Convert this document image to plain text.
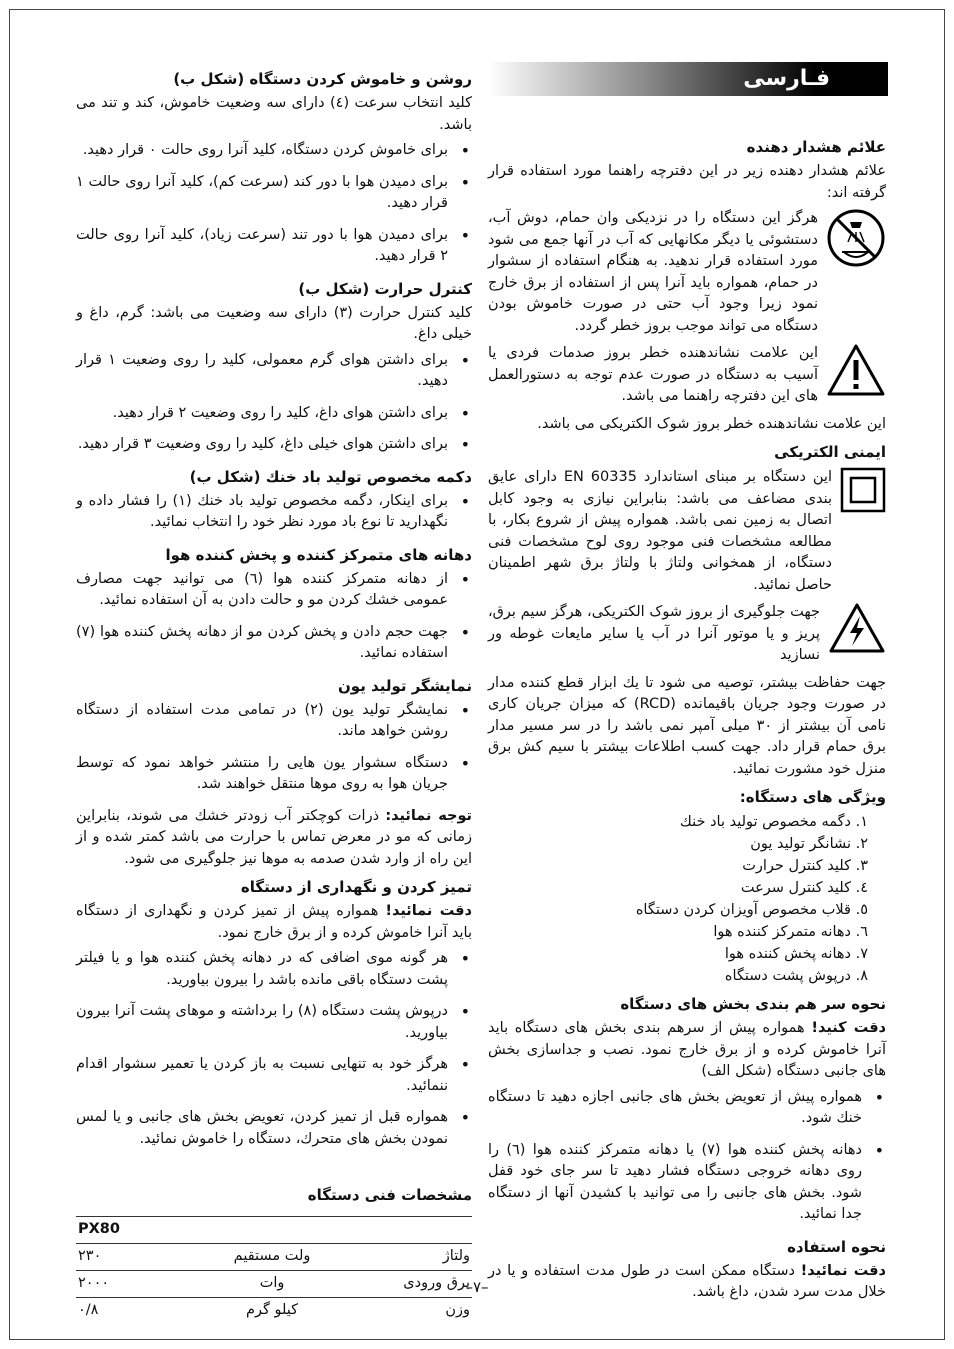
فـارسی
علائم هشدار دهنده

علائم هشدار دهنده زیر در این دفترچه راهنما مورد استفاده قرار گرفته اند:

هرگز این دستگاه را در نزدیکی وان حمام، دوش آب، دستشوئی یا دیگر مکانهایی که آب در آنها جمع می شود مورد استفاده قرار ندهید. به هنگام استفاده از سشوار در حمام، همواره باید آنرا پس از استفاده از برق خارج نمود زیرا وجود آب حتی در صورت خاموش بودن دستگاه می تواند موجب بروز خطر گردد.
این علامت نشاندهنده خطر بروز صدمات فردی یا آسیب به دستگاه در صورت عدم توجه به دستورالعمل های این دفترچه راهنما می باشد.

این علامت نشاندهنده خطر بروز شوک الکتریکی می باشد.

ایمنی الکتریکی
این دستگاه بر مبنای استاندارد EN 60335 دارای عایق بندی مضاعف می باشد: بنابراین نیازی به وجود کابل اتصال به زمین نمی باشد. همواره پیش از شروع بکار، با مطالعه مشخصات فنی موجود روی لوح مشخصات فنی دستگاه، از همخوانی ولتاژ با ولتاژ برق شهر اطمینان حاصل نمائید.
جهت جلوگیری از بروز شوک الکتریکی، هرگز سیم برق، پریز و یا موتور آنرا در آب یا سایر مایعات غوطه ور نسازید

جهت حفاظت بیشتر، توصیه می شود تا یك ابزار قطع کننده مدار در صورت وجود جریان باقیمانده (RCD) که میزان جریان کاری نامی آن بیشتر از ۳۰ میلی آمپر نمی باشد را در سر مسیر مدار برق حمام قرار داد. جهت کسب اطلاعات بیشتر با سیم کش برق منزل خود مشورت نمائید.

ویژگی های دستگاه:
۱. دگمه مخصوص تولید باد خنك
۲. نشانگر تولید یون
۳. کلید کنترل حرارت
٤. کلید کنترل سرعت
٥. قلاب مخصوص آویزان کردن دستگاه
٦. دهانه متمرکز کننده هوا
٧. دهانه پخش کننده هوا
٨. درپوش پشت دستگاه
نحوه سر هم بندی بخش های دستگاه

دقت کنید! همواره پیش از سرهم بندی بخش های دستگاه باید آنرا خاموش کرده و از برق خارج نمود. نصب و جداسازی بخش های جانبی دستگاه (شکل الف)

• همواره پیش از تعویض بخش های جانبی اجازه دهید تا دستگاه خنك شود.
• دهانه پخش کننده هوا (٧) یا دهانه متمرکز کننده هوا (٦) را روی دهانه خروجی دستگاه فشار دهید تا سر جای خود قفل شود. بخش های جانبی را می توانید با کشیدن آنها از دستگاه جدا نمائید.
نحوه استفاده

دقت نمائید! دستگاه ممکن است در طول مدت استفاده و یا در خلال مدت سرد شدن، داغ باشد.

روشن و خاموش کردن دستگاه (شکل ب)

کلید انتخاب سرعت (٤) دارای سه وضعیت خاموش، کند و تند می باشد.

• برای خاموش کردن دستگاه، کلید آنرا روی حالت ۰ قرار دهید.
• برای دمیدن هوا با دور کند (سرعت کم)، کلید آنرا روی حالت ۱ قرار دهید.
• برای دمیدن هوا با دور تند (سرعت زیاد)، کلید آنرا روی حالت ۲ قرار دهید.
کنترل حرارت (شکل ب)

کلید کنترل حرارت (۳) دارای سه وضعیت می باشد: گرم، داغ و خیلی داغ.

• برای داشتن هوای گرم معمولی، کلید را روی وضعیت ۱ قرار دهید.
• برای داشتن هوای داغ، کلید را روی وضعیت ۲ قرار دهید.
• برای داشتن هوای خیلی داغ، کلید را روی وضعیت ۳ قرار دهید.
دکمه مخصوص تولید باد خنك (شکل ب)
• برای اینکار، دگمه مخصوص تولید باد خنك (۱) را فشار داده و نگهدارید تا نوع باد مورد نظر خود را انتخاب نمائید.
دهانه های متمرکز کننده و پخش کننده هوا
• از دهانه متمرکز کننده هوا (٦) می توانید جهت مصارف عمومی خشك کردن مو و حالت دادن به آن استفاده نمائید.
• جهت حجم دادن و پخش کردن مو از دهانه پخش کننده هوا (٧) استفاده نمائید.
نمایشگر تولید یون
• نمایشگر تولید یون (۲) در تمامی مدت استفاده از دستگاه روشن خواهد ماند.
• دستگاه سشوار یون هایی را منتشر خواهد نمود که توسط جریان هوا به روی موها منتقل خواهند شد.

توجه نمائید: ذرات کوچکتر آب زودتر خشك می شوند، بنابراین زمانی که مو در معرض تماس با حرارت می باشد کمتر شده و از این راه از وارد شدن صدمه به موها نیز جلوگیری می شود.

تمیز کردن و نگهداری از دستگاه

دقت نمائید! همواره پیش از تمیز کردن و نگهداری از دستگاه باید آنرا خاموش کرده و از برق خارج نمود.

• هر گونه موی اضافی که در دهانه پخش کننده هوا و یا فیلتر پشت دستگاه باقی مانده باشد را بیرون بیاورید.
• درپوش پشت دستگاه (۸) را برداشته و موهای پشت آنرا بیرون بیاورید.
• هرگز خود به تنهایی نسبت به باز کردن یا تعمیر سشوار اقدام ننمائید.
• همواره قبل از تمیز کردن، تعویض بخش های جانبی و یا لمس نمودن بخش های متحرك، دستگاه را خاموش نمائید.
مشخصات فنی دستگاه
PX80		
ولتاژ	ولت مستقیم	۲۳۰
برق ورودی	وات	۲۰۰۰
وزن	کیلو گرم	۰/۸
–۷–
